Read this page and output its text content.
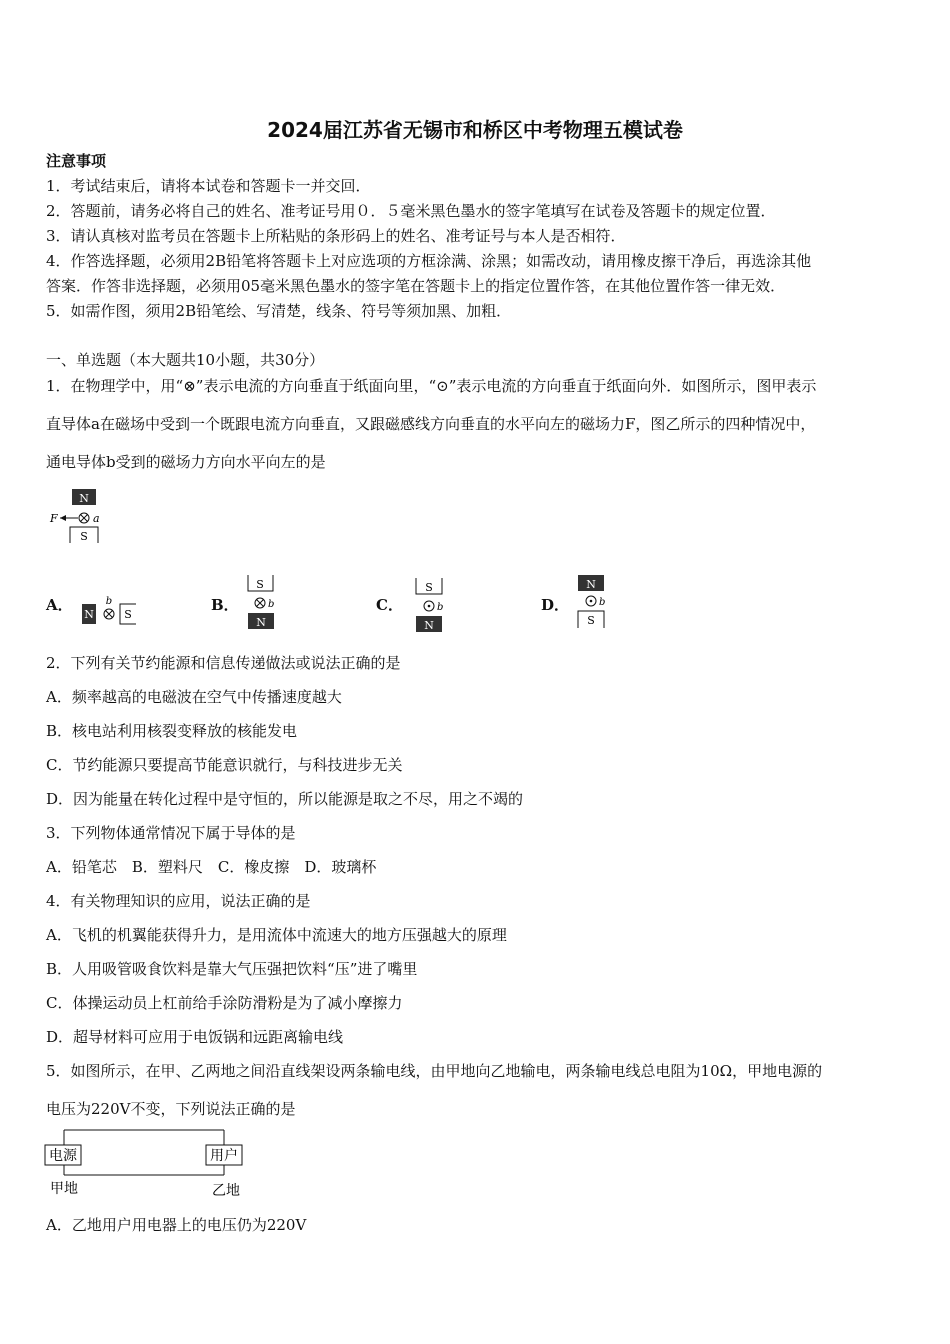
2024届江苏省无锡市和桥区中考物理五模试卷
注意事项
1．考试结束后，请将本试卷和答题卡一并交回．
2．答题前，请务必将自己的姓名、准考证号用０．５毫米黑色墨水的签字笔填写在试卷及答题卡的规定位置．
3．请认真核对监考员在答题卡上所粘贴的条形码上的姓名、准考证号与本人是否相符．
4．作答选择题，必须用2B铅笔将答题卡上对应选项的方框涂满、涂黑；如需改动，请用橡皮擦干净后，再选涂其他
答案．作答非选择题，必须用05毫米黑色墨水的签字笔在答题卡上的指定位置作答，在其他位置作答一律无效．
5．如需作图，须用2B铅笔绘、写清楚，线条、符号等须加黑、加粗．
一、单选题（本大题共10小题，共30分）
1．在物理学中，用“⊗”表示电流的方向垂直于纸面向里，“⊙”表示电流的方向垂直于纸面向外．如图所示，图甲表示
直导体a在磁场中受到一个既跟电流方向垂直，又跟磁感线方向垂直的水平向左的磁场力F，图乙所示的四种情况中，
通电导体b受到的磁场力方向水平向左的是
N
F	a
S
A．
N
b
S
B．
S
b
N
C．
S
b
N
D．
N
b
S
2．下列有关节约能源和信息传递做法或说法正确的是
A．频率越高的电磁波在空气中传播速度越大
B．核电站利用核裂变释放的核能发电
C．节约能源只要提高节能意识就行，与科技进步无关
D．因为能量在转化过程中是守恒的，所以能源是取之不尽，用之不竭的
3．下列物体通常情况下属于导体的是
A．铅笔芯　B．塑料尺　C．橡皮擦　D．玻璃杯
4．有关物理知识的应用，说法正确的是
A．飞机的机翼能获得升力，是用流体中流速大的地方压强越大的原理
B．人用吸管吸食饮料是靠大气压强把饮料“压”进了嘴里
C．体操运动员上杠前给手涂防滑粉是为了减小摩擦力
D．超导材料可应用于电饭锅和远距离输电线
5．如图所示，在甲、乙两地之间沿直线架设两条输电线，由甲地向乙地输电，两条输电线总电阻为10Ω，甲地电源的
电压为220V不变，下列说法正确的是
电源	用户
甲地	乙地
A．乙地用户用电器上的电压仍为220V
